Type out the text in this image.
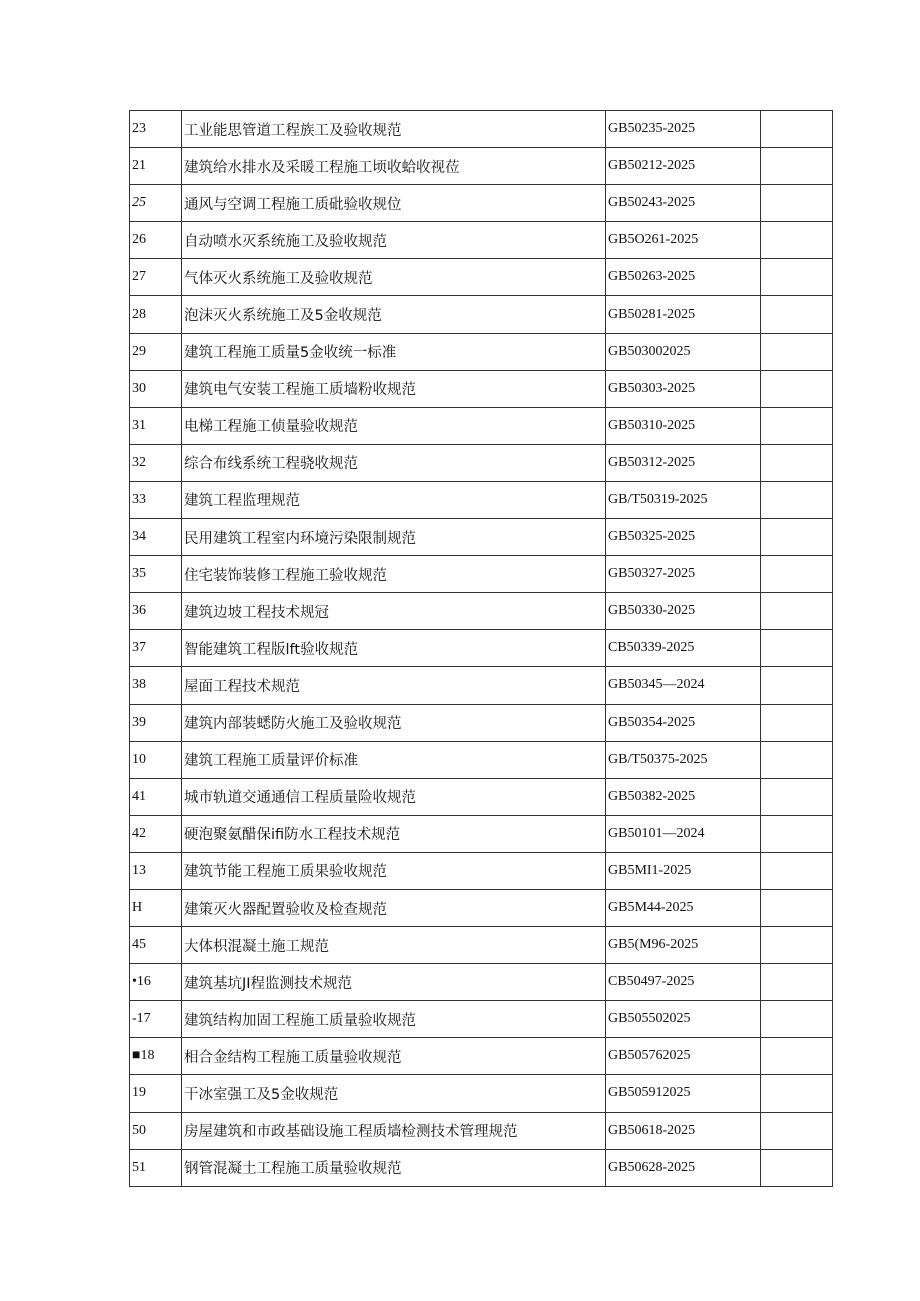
23	工业能思管道工程族工及验收规范	GB50235-2025	
21	建筑给水排水及采暖工程施工顷收蛤收视莅	GB50212-2025	
25	通风与空调工程施工质砒验收规位	GB50243-2025	
26	自动喷水灭系统施工及验收规范	GB5O261-2025	
27	气体灭火系统施工及验收规范	GB50263-2025	
28	泡沫灭火系统施工及5金收规范	GB50281-2025	
29	建筑工程施工质量5金收统一标准	GB503002025	
30	建筑电气安装工程施工质墙粉收规范	GB50303-2025	
31	电梯工程施工侦量验收规范	GB50310-2025	
32	综合布线系统工程骁收规范	GB50312-2025	
33	建筑工程监理规范	GB/T50319-2025	
34	民用建筑工程室内环境污染限制规范	GB50325-2025	
35	住宅装饰装修工程施工验收规范	GB50327-2025	
36	建筑边坡工程技术规冠	GB50330-2025	
37	智能建筑工程版lft验收规范	CB50339-2025	
38	屋面工程技术规范	GB50345—2024	
39	建筑内部装蟋防火施工及验收规范	GB50354-2025	
10	建筑工程施工质量评价标准	GB/T50375-2025	
41	城市轨道交通通信工程质量险收规范	GB50382-2025	
42	硬泡聚氨醋保ifi防水工程技术规范	GB50101—2024	
13	建筑节能工程施工质果验收规范	GB5MI1-2025	
H	建策灭火器配置验收及检查规范	GB5M44-2025	
45	大体枳混凝土施工规范	GB5(M96-2025	
•16	建筑基坑JI程监测技术规范	CB50497-2025	
-17	建筑结构加固工程施工质量验收规范	GB505502025	
■18	相合金结构工程施工质量验收规范	GB505762025	
19	干冰室强工及5金收规范	GB505912025	
50	房屋建筑和市政基础设施工程质墙检测技术管理规范	GB50618-2025	
51	钢管混凝土工程施工质量验收规范	GB50628-2025	
